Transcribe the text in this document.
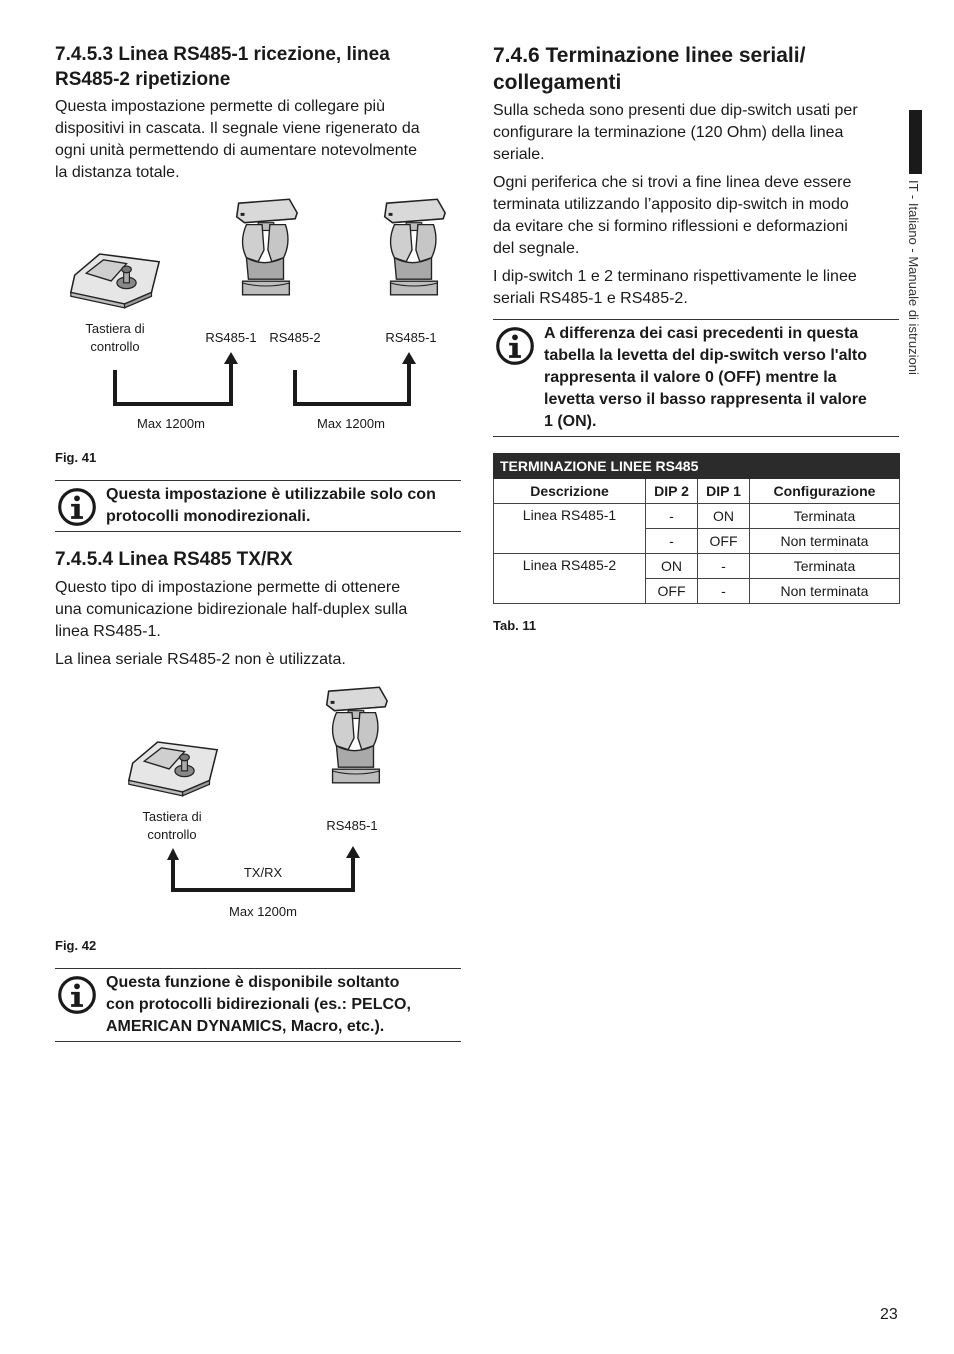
7.4.5.3 Linea RS485-1 ricezione, linea
RS485-2 ripetizione

Questa impostazione permette di collegare più
dispositivi in cascata. Il segnale viene rigenerato da
ogni unità permettendo di aumentare notevolmente
la distanza totale.

Tastiera di
controllo
RS485-1 RS485-2	RS485-1
Max 1200m	Max 1200m
Fig. 41
Questa impostazione è utilizzabile solo con
protocolli monodirezionali.

7.4.5.4 Linea RS485 TX/RX

Questo tipo di impostazione permette di ottenere
una comunicazione bidirezionale half-duplex sulla
linea RS485-1.

La linea seriale RS485-2 non è utilizzata.

Tastiera di
controllo
RS485-1
TX/RX
Max 1200m
Fig. 42
Questa funzione è disponibile soltanto
con protocolli bidirezionali (es.: PELCO,
AMERICAN DYNAMICS, Macro, etc.).

7.4.6 Terminazione linee seriali/
collegamenti

Sulla scheda sono presenti due dip-switch usati per
configurare la terminazione (120 Ohm) della linea
seriale.

Ogni periferica che si trovi a fine linea deve essere
terminata utilizzando l’apposito dip-switch in modo
da evitare che si formino riflessioni e deformazioni
del segnale.

I dip-switch 1 e 2 terminano rispettivamente le linee
seriali RS485-1 e RS485-2.

A differenza dei casi precedenti in questa
tabella la levetta del dip-switch verso l'alto
rappresenta il valore 0 (OFF) mentre la
levetta verso il basso rappresenta il valore
1 (ON).
TERMINAZIONE LINEE RS485			
Descrizione	DIP 2	DIP 1	Configurazione
Linea RS485-1	-	ON	Terminata
	-	OFF	Non terminata
Linea RS485-2	ON	-	Terminata
	OFF	-	Non terminata
Tab. 11
IT - Italiano - Manuale di istruzioni
23
